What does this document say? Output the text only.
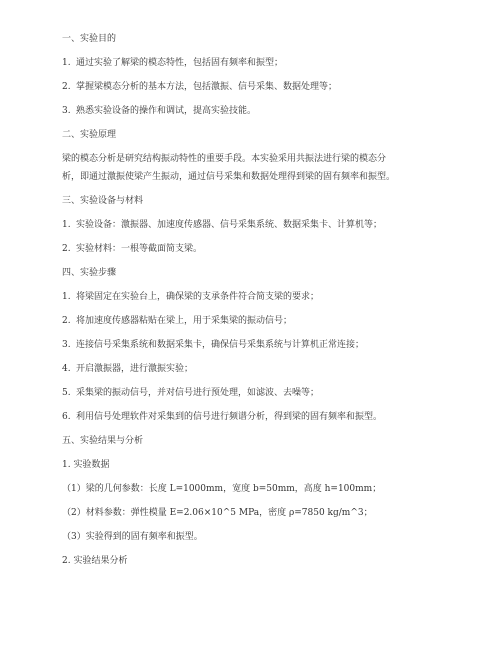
一、实验目的

1. 通过实验了解梁的模态特性，包括固有频率和振型；
2. 掌握梁模态分析的基本方法，包括激振、信号采集、数据处理等；
3. 熟悉实验设备的操作和调试，提高实验技能。

二、实验原理

梁的模态分析是研究结构振动特性的重要手段。本实验采用共振法进行梁的模态分

析，即通过激振使梁产生振动，通过信号采集和数据处理得到梁的固有频率和振型。

三、实验设备与材料

1. 实验设备：激振器、加速度传感器、信号采集系统、数据采集卡、计算机等；
2. 实验材料：一根等截面简支梁。

四、实验步骤

1. 将梁固定在实验台上，确保梁的支承条件符合简支梁的要求；
2. 将加速度传感器粘贴在梁上，用于采集梁的振动信号；
3. 连接信号采集系统和数据采集卡，确保信号采集系统与计算机正常连接；
4. 开启激振器，进行激振实验；
5. 采集梁的振动信号，并对信号进行预处理，如滤波、去噪等；
6. 利用信号处理软件对采集到的信号进行频谱分析，得到梁的固有频率和振型。

五、实验结果与分析

1. 实验数据

（1）梁的几何参数：长度 L=1000mm，宽度 b=50mm，高度 h=100mm；

（2）材料参数：弹性模量 E=2.06×10^5 MPa，密度 ρ=7850 kg/m^3；

（3）实验得到的固有频率和振型。

2. 实验结果分析
